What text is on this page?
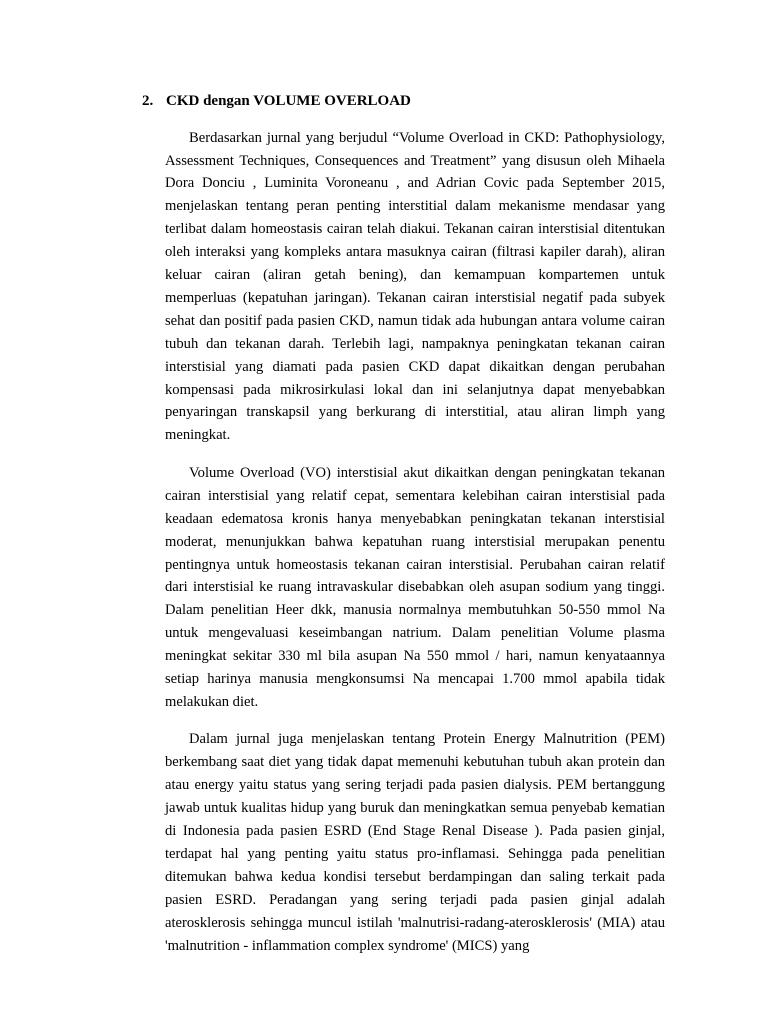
2. CKD dengan VOLUME OVERLOAD

Berdasarkan jurnal yang berjudul “Volume Overload in CKD: Pathophysiology, Assessment Techniques, Consequences and Treatment” yang disusun oleh Mihaela Dora Donciu , Luminita Voroneanu , and Adrian Covic pada September 2015, menjelaskan tentang peran penting interstitial dalam mekanisme mendasar yang terlibat dalam homeostasis cairan telah diakui. Tekanan cairan interstisial ditentukan oleh interaksi yang kompleks antara masuknya cairan (filtrasi kapiler darah), aliran keluar cairan (aliran getah bening), dan kemampuan kompartemen untuk memperluas (kepatuhan jaringan). Tekanan cairan interstisial negatif pada subyek sehat dan positif pada pasien CKD, namun tidak ada hubungan antara volume cairan tubuh dan tekanan darah. Terlebih lagi, nampaknya peningkatan tekanan cairan interstisial yang diamati pada pasien CKD dapat dikaitkan dengan perubahan kompensasi pada mikrosirkulasi lokal dan ini selanjutnya dapat menyebabkan penyaringan transkapsil yang berkurang di interstitial, atau aliran limph yang meningkat.

Volume Overload (VO) interstisial akut dikaitkan dengan peningkatan tekanan cairan interstisial yang relatif cepat, sementara kelebihan cairan interstisial pada keadaan edematosa kronis hanya menyebabkan peningkatan tekanan interstisial moderat, menunjukkan bahwa kepatuhan ruang interstisial merupakan penentu pentingnya untuk homeostasis tekanan cairan interstisial. Perubahan cairan relatif dari interstisial ke ruang intravaskular disebabkan oleh asupan sodium yang tinggi. Dalam penelitian Heer dkk, manusia normalnya membutuhkan 50-550 mmol Na untuk mengevaluasi keseimbangan natrium. Dalam penelitian Volume plasma meningkat sekitar 330 ml bila asupan Na 550 mmol / hari, namun kenyataannya setiap harinya manusia mengkonsumsi Na mencapai 1.700 mmol apabila tidak melakukan diet.

Dalam jurnal juga menjelaskan tentang Protein Energy Malnutrition (PEM) berkembang saat diet yang tidak dapat memenuhi kebutuhan tubuh akan protein dan atau energy yaitu status yang sering terjadi pada pasien dialysis. PEM bertanggung jawab untuk kualitas hidup yang buruk dan meningkatkan semua penyebab kematian di Indonesia pada pasien ESRD (End Stage Renal Disease ). Pada pasien ginjal, terdapat hal yang penting yaitu status pro-inflamasi. Sehingga pada penelitian ditemukan bahwa kedua kondisi tersebut berdampingan dan saling terkait pada pasien ESRD. Peradangan yang sering terjadi pada pasien ginjal adalah aterosklerosis sehingga muncul istilah 'malnutrisi-radang-aterosklerosis' (MIA) atau 'malnutrition - inflammation complex syndrome' (MICS) yang
